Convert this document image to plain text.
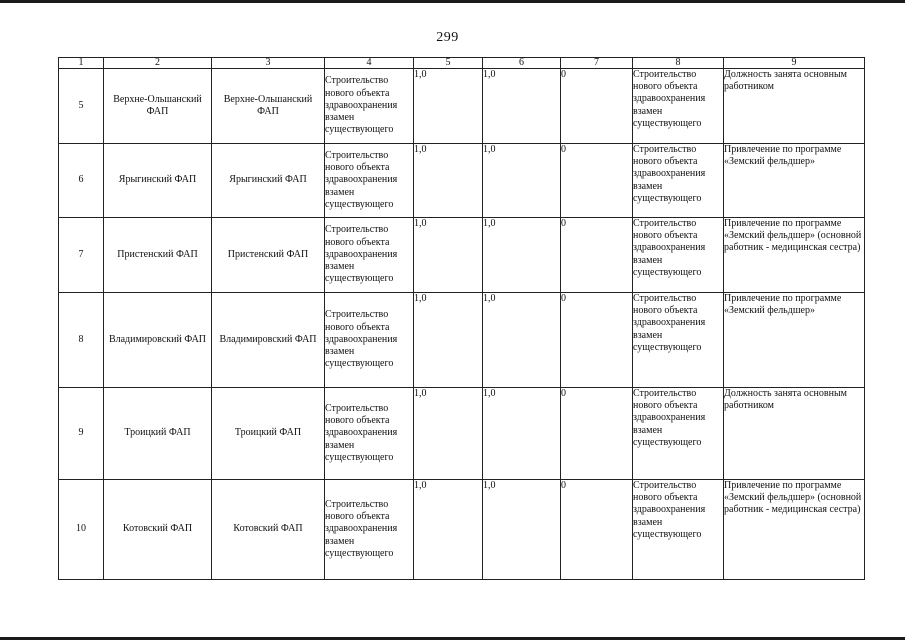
299
1	2	3	4	5	6	7	8	9
5	Верхне-Ольшанский ФАП	Верхне-Ольшанский ФАП	Строительство нового объекта здравоохранения взамен существующего	1,0	1,0	0	Строительство нового объекта здравоохранения взамен существующего	Должность занята основным работником
6	Ярыгинский ФАП	Ярыгинский ФАП	Строительство нового объекта здравоохранения взамен существующего	1,0	1,0	0	Строительство нового объекта здравоохранения взамен существующего	Привлечение по программе «Земский фельдшер»
7	Пристенский ФАП	Пристенский ФАП	Строительство нового объекта здравоохранения взамен существующего	1,0	1,0	0	Строительство нового объекта здравоохранения взамен существующего	Привлечение по программе «Земский фельдшер» (основной работник - медицинская сестра)
8	Владимировский ФАП	Владимировский ФАП	Строительство нового объекта здравоохранения взамен существующего	1,0	1,0	0	Строительство нового объекта здравоохранения взамен существующего	Привлечение по программе «Земский фельдшер»
9	Троицкий ФАП	Троицкий ФАП	Строительство нового объекта здравоохранения взамен существующего	1,0	1,0	0	Строительство нового объекта здравоохранения взамен существующего	Должность занята основным работником
10	Котовский ФАП	Котовский ФАП	Строительство нового объекта здравоохранения взамен существующего	1,0	1,0	0	Строительство нового объекта здравоохранения взамен существующего	Привлечение по программе «Земский фельдшер» (основной работник - медицинская сестра)
